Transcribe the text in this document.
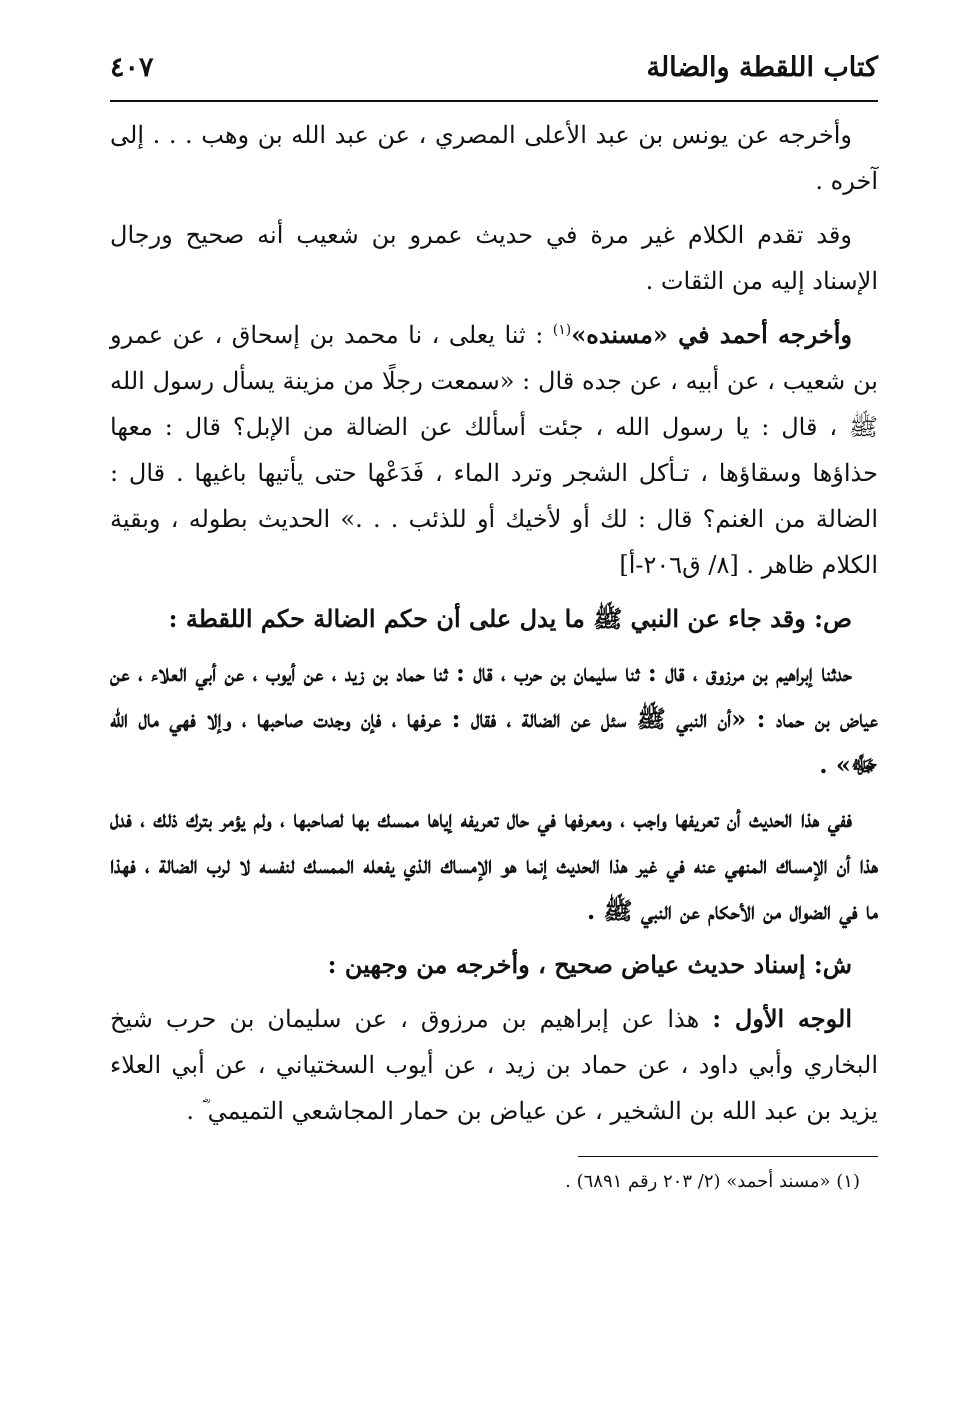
كتاب اللقطة والضالة
٤٠٧

وأخرجه عن يونس بن عبد الأعلى المصري ، عن عبد الله بن وهب . . . إلى آخره .

وقد تقدم الكلام غير مرة في حديث عمرو بن شعيب أنه صحيح ورجال الإسناد إليه من الثقات .

وأخرجه أحمد في «مسنده»$^{(١)}$ : ثنا يعلى ، نا محمد بن إسحاق ، عن عمرو بن شعيب ، عن أبيه ، عن جده قال : «سمعت رجلًا من مزينة يسأل رسول الله ﷺ ، قال : يا رسول الله ، جئت أسألك عن الضالة من الإبل؟ قال : معها حذاؤها وسقاؤها ، تـأكل الشجر وترد الماء ، فَدَعْها حتى يأتيها باغيها . قال : الضالة من الغنم؟ قال : لك أو لأخيك أو للذئب . . .» الحديث بطوله ، وبقية الكلام ظاهر . [٨/ ق٢٠٦-أ]

ص: وقد جاء عن النبي ﷺ ما يدل على أن حكم الضالة حكم اللقطة :

حدثنا إبراهيم بن مرزوق ، قال : ثنا سليمان بن حرب ، قال : ثنا حماد بن زيد ، عن أيوب ، عن أبي العلاء ، عن عياض بن حماد : «أن النبي ﷺ سئل عن الضالة ، فقال : عرفها ، فإن وجدت صاحبها ، وإلا فهي مال الله ﷻ» .

ففي هذا الحديث أن تعريفها واجب ، ومعرفها في حال تعريفه إياها ممسك بها لصاحبها ، ولم يؤمر بترك ذلك ، فدل هذا أن الإمساك المنهي عنه في غير هذا الحديث إنما هو الإمساك الذي يفعله الممسك لنفسه لا لرب الضالة ، فهذا ما في الضوال من الأحكام عن النبي ﷺ .

ش: إسناد حديث عياض صحيح ، وأخرجه من وجهين :

الوجه الأول : هذا عن إبراهيم بن مرزوق ، عن سليمان بن حرب شيخ البخاري وأبي داود ، عن حماد بن زيد ، عن أيوب السختياني ، عن أبي العلاء يزيد بن عبد الله بن الشخير ، عن عياض بن حمار المجاشعي التميمي ؓ .

(١) «مسند أحمد» (٢/ ٢٠٣ رقم ٦٨٩١) .
